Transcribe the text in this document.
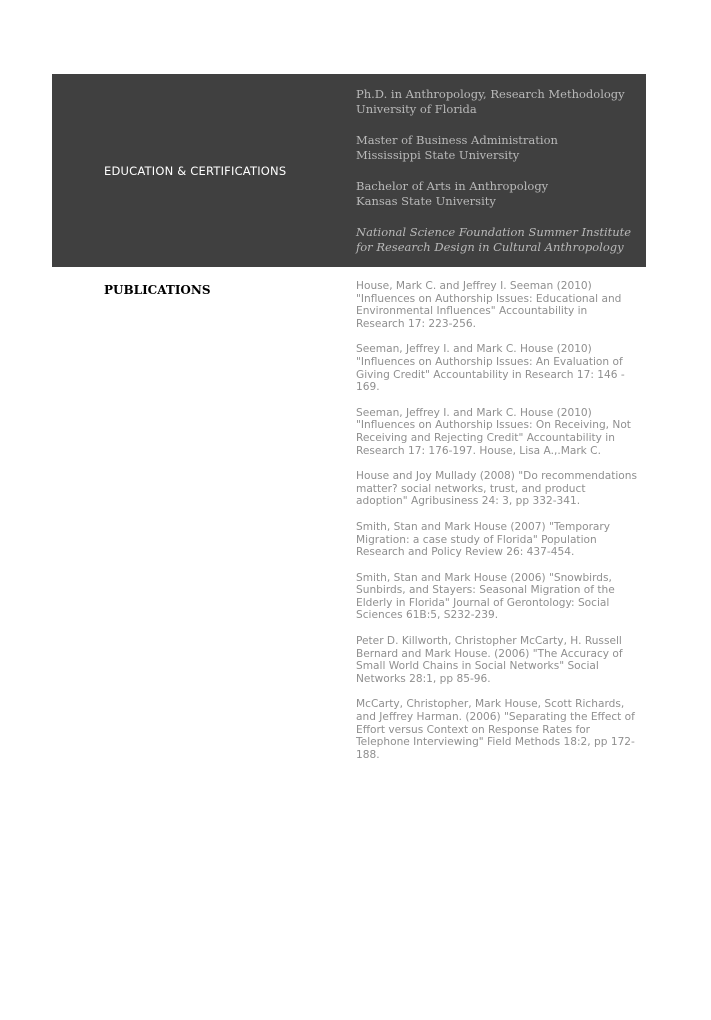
EDUCATION & CERTIFICATIONS
Ph.D. in Anthropology, Research Methodology
University of Florida
Master of Business Administration
Mississippi State University
Bachelor of Arts in Anthropology
Kansas State University
National Science Foundation Summer Institute
for Research Design in Cultural Anthropology
PUBLICATIONS	House, Mark C. and Jeffrey I. Seeman (2010) "Influences on Authorship Issues: Educational and Environmental Influences" Accountability in Research 17: 223-256.

Seeman, Jeffrey I. and Mark C. House (2010) "Influences on Authorship Issues: An Evaluation of Giving Credit" Accountability in Research 17: 146 - 169.

Seeman, Jeffrey I. and Mark C. House (2010) "Influences on Authorship Issues: On Receiving, Not Receiving and Rejecting Credit" Accountability in Research 17: 176-197. House, Lisa A.,.Mark C.

House and Joy Mullady (2008) "Do recommendations matter? social networks, trust, and product adoption" Agribusiness 24: 3, pp 332-341.

Smith, Stan and Mark House (2007) "Temporary Migration: a case study of Florida" Population Research and Policy Review 26: 437-454.

Smith, Stan and Mark House (2006) "Snowbirds, Sunbirds, and Stayers: Seasonal Migration of the Elderly in Florida" Journal of Gerontology: Social Sciences 61B:5, S232-239.

Peter D. Killworth, Christopher McCarty, H. Russell Bernard and Mark House. (2006) "The Accuracy of Small World Chains in Social Networks" Social Networks 28:1, pp 85-96.

McCarty, Christopher, Mark House, Scott Richards, and Jeffrey Harman. (2006) "Separating the Effect of Effort versus Context on Response Rates for Telephone Interviewing" Field Methods 18:2, pp 172-188.
